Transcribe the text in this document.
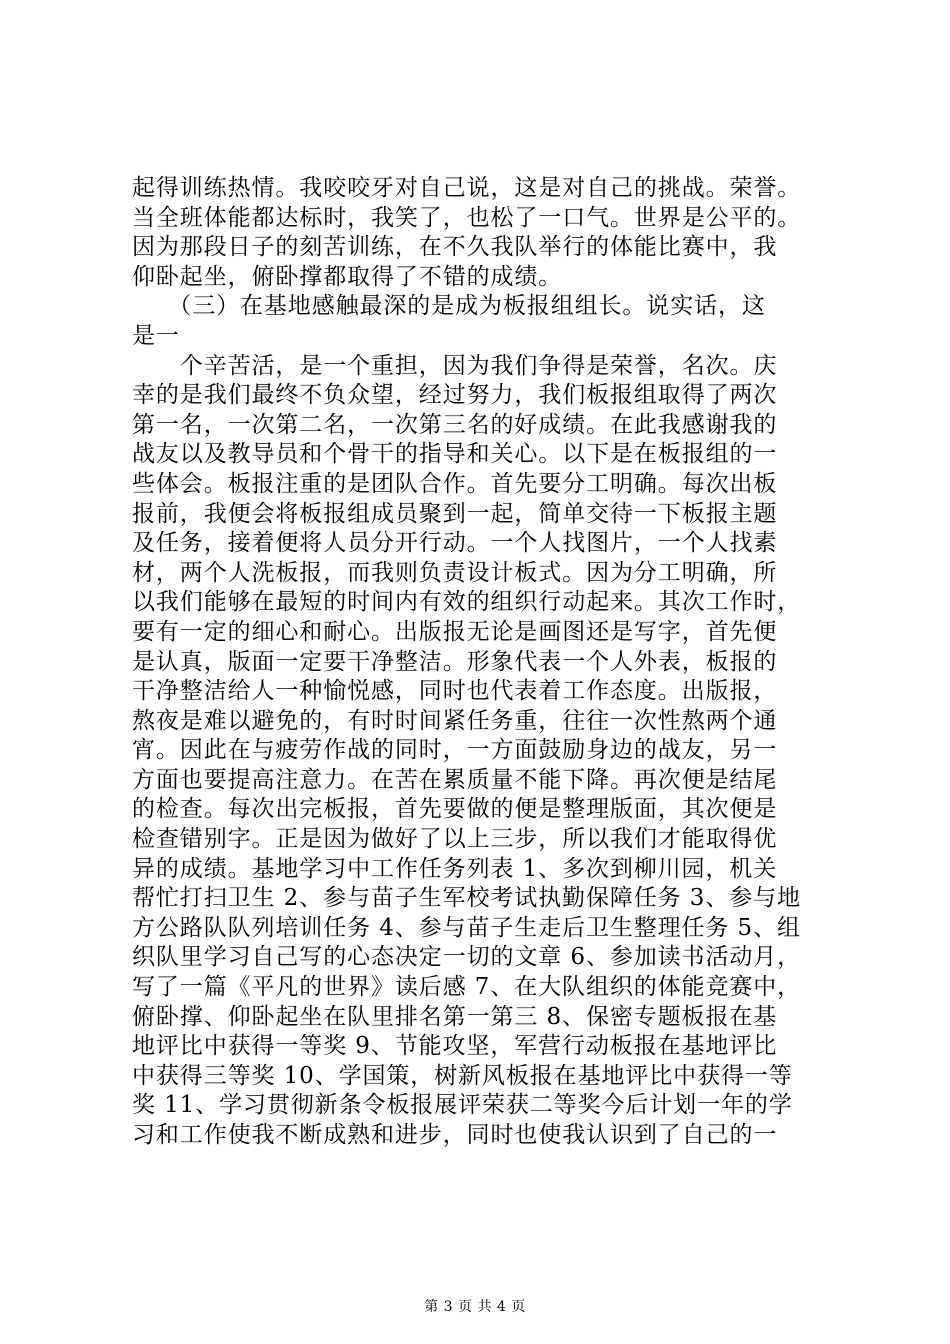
起得训练热情。我咬咬牙对自己说，这是对自己的挑战。荣誉。
当全班体能都达标时，我笑了，也松了一口气。世界是公平的。
因为那段日子的刻苦训练，在不久我队举行的体能比赛中，我
仰卧起坐，俯卧撑都取得了不错的成绩。
　　（三）在基地感触最深的是成为板报组组长。说实话，这
是一
　　个辛苦活，是一个重担，因为我们争得是荣誉，名次。庆
幸的是我们最终不负众望，经过努力，我们板报组取得了两次
第一名，一次第二名，一次第三名的好成绩。在此我感谢我的
战友以及教导员和个骨干的指导和关心。以下是在板报组的一
些体会。板报注重的是团队合作。首先要分工明确。每次出板
报前，我便会将板报组成员聚到一起，简单交待一下板报主题
及任务，接着便将人员分开行动。一个人找图片，一个人找素
材，两个人洗板报，而我则负责设计板式。因为分工明确，所
以我们能够在最短的时间内有效的组织行动起来。其次工作时，
要有一定的细心和耐心。出版报无论是画图还是写字，首先便
是认真，版面一定要干净整洁。形象代表一个人外表，板报的
干净整洁给人一种愉悦感，同时也代表着工作态度。出版报，
熬夜是难以避免的，有时时间紧任务重，往往一次性熬两个通
宵。因此在与疲劳作战的同时，一方面鼓励身边的战友，另一
方面也要提高注意力。在苦在累质量不能下降。再次便是结尾
的检查。每次出完板报，首先要做的便是整理版面，其次便是
检查错别字。正是因为做好了以上三步，所以我们才能取得优
异的成绩。基地学习中工作任务列表 1、多次到柳川园，机关
帮忙打扫卫生 2、参与苗子生军校考试执勤保障任务 3、参与地
方公路队队列培训任务 4、参与苗子生走后卫生整理任务 5、组
织队里学习自己写的心态决定一切的文章 6、参加读书活动月，
写了一篇《平凡的世界》读后感 7、在大队组织的体能竞赛中，
俯卧撑、仰卧起坐在队里排名第一第三 8、保密专题板报在基
地评比中获得一等奖 9、节能攻坚，军营行动板报在基地评比
中获得三等奖 10、学国策，树新风板报在基地评比中获得一等
奖 11、学习贯彻新条令板报展评荣获二等奖今后计划一年的学
习和工作使我不断成熟和进步，同时也使我认识到了自己的一
第 3 页 共 4 页
